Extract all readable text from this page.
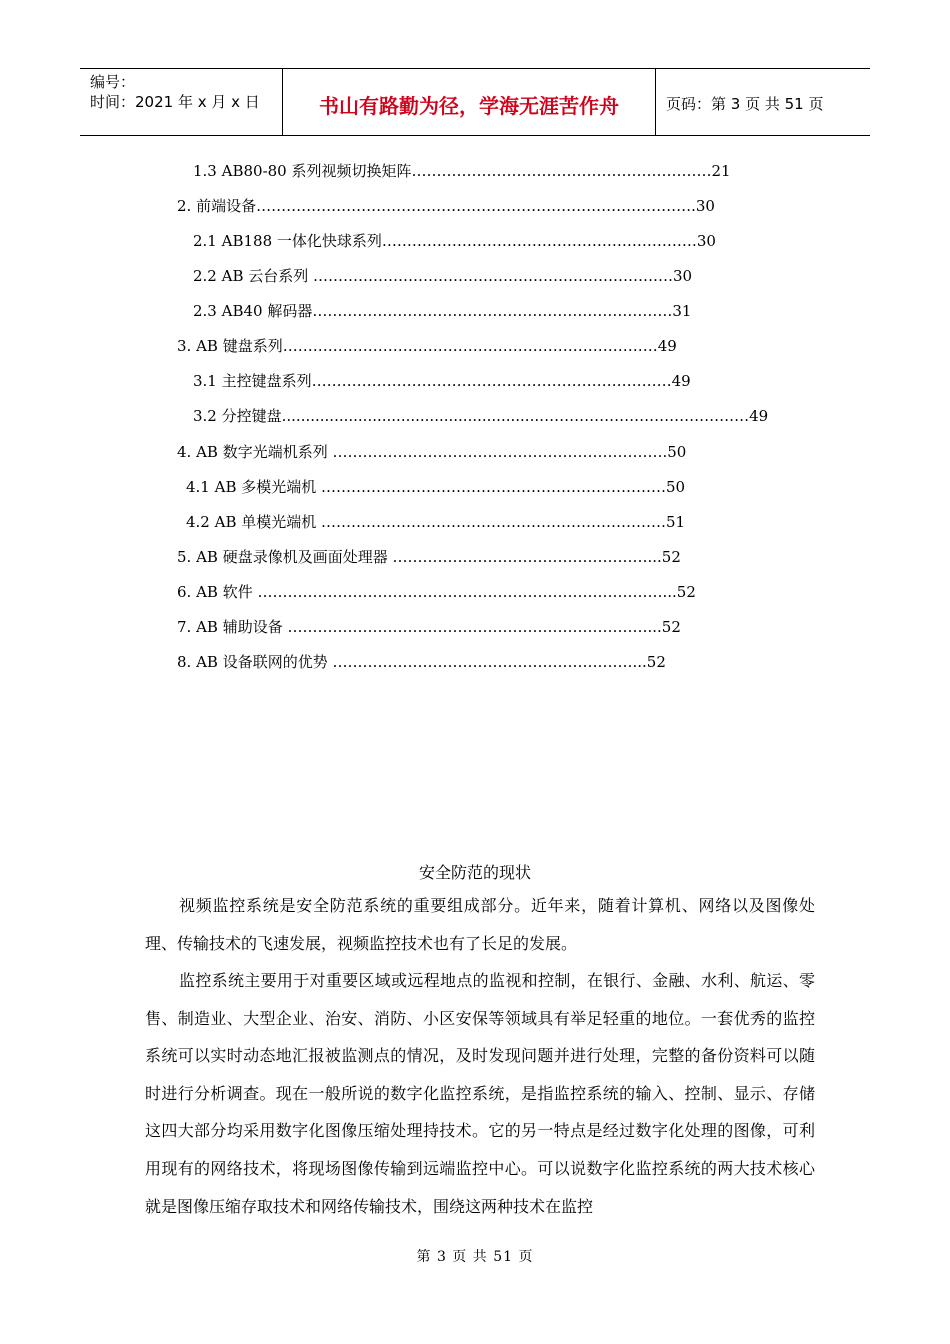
编号：
时间：2021 年 x 月 x 日	书山有路勤为径，学海无涯苦作舟	页码：第 3 页 共 51 页
1.3 AB80-80 系列视频切换矩阵……………………………………………………21
2. 前端设备…………………………………………………………………………….30
2.1 AB188 一体化快球系列………………………………………………………30
2.2 AB 云台系列 ………………………………………………………………30
2.3 AB40 解码器………………………………………………………………31
3. AB 键盘系列…………………………………………………………………49
3.1 主控键盘系列………………………………………………………………49
3.2 分控键盘......................................................……………………………………49
4. AB 数字光端机系列 ………………………………………………………….50
4.1 AB 多模光端机 ……………………………………………………………50
4.2 AB 单模光端机 ……………………………………………………………51
5. AB 硬盘录像机及画面处理器 ……………………………………………...52
6. AB 软件 ………………………………………………………………………...52
7. AB 辅助设备 ………………………………………………………………...52
8. AB 设备联网的优势 ……………………………………………………...52
安全防范的现状
视频监控系统是安全防范系统的重要组成部分。近年来，随着计算机、网络以及图像处理、传输技术的飞速发展，视频监控技术也有了长足的发展。
监控系统主要用于对重要区域或远程地点的监视和控制，在银行、金融、水利、航运、零售、制造业、大型企业、治安、消防、小区安保等领域具有举足轻重的地位。一套优秀的监控系统可以实时动态地汇报被监测点的情况，及时发现问题并进行处理，完整的备份资料可以随时进行分析调查。现在一般所说的数字化监控系统，是指监控系统的输入、控制、显示、存储这四大部分均采用数字化图像压缩处理持技术。它的另一特点是经过数字化处理的图像，可利用现有的网络技术，将现场图像传输到远端监控中心。可以说数字化监控系统的两大技术核心就是图像压缩存取技术和网络传输技术，围绕这两种技术在监控
第 3 页 共 51 页
